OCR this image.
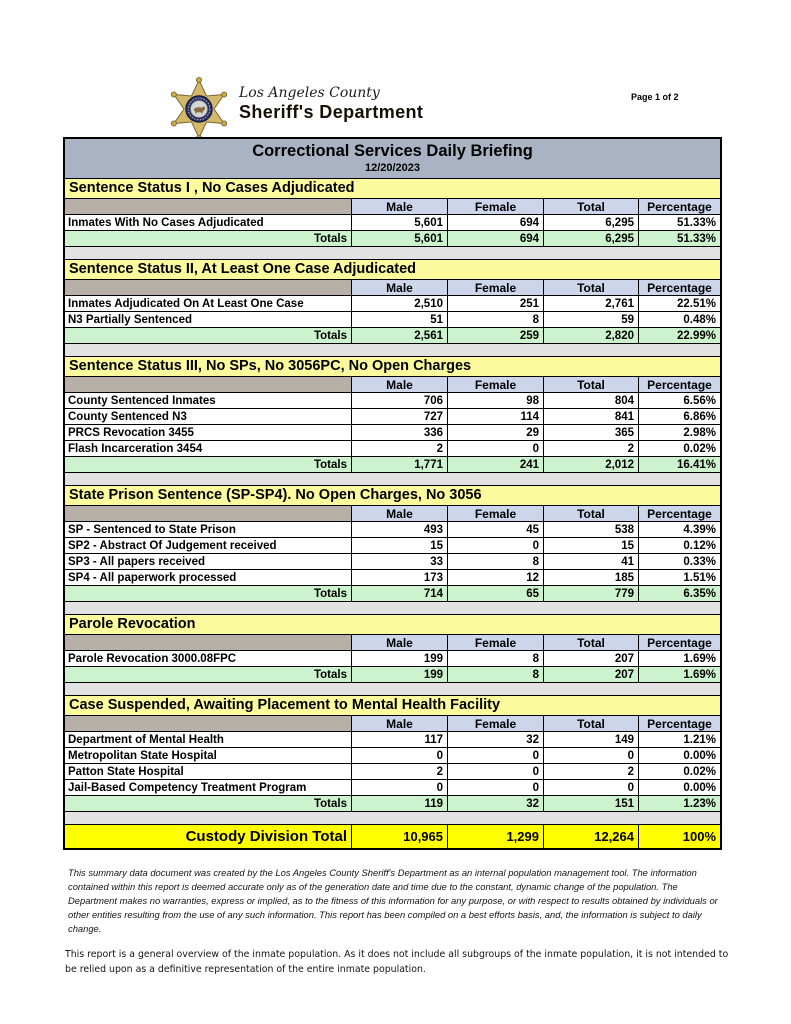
Los Angeles County
Sheriff's Department
Page 1 of 2
Correctional Services Daily Briefing
12/20/2023
Sentence Status I , No Cases Adjudicated
Male	Female	Total	Percentage
Inmates With No Cases Adjudicated	5,601	694	6,295	51.33%
Totals	5,601	694	6,295	51.33%
Sentence Status II, At Least One Case Adjudicated
Male	Female	Total	Percentage
Inmates Adjudicated On At Least One Case	2,510	251	2,761	22.51%
N3 Partially Sentenced	51	8	59	0.48%
Totals	2,561	259	2,820	22.99%
Sentence Status III, No SPs, No 3056PC, No Open Charges
Male	Female	Total	Percentage
County Sentenced Inmates	706	98	804	6.56%
County Sentenced N3	727	114	841	6.86%
PRCS Revocation 3455	336	29	365	2.98%
Flash Incarceration 3454	2	0	2	0.02%
Totals	1,771	241	2,012	16.41%
State Prison Sentence (SP-SP4). No Open Charges, No 3056
Male	Female	Total	Percentage
SP - Sentenced to State Prison	493	45	538	4.39%
SP2 - Abstract Of Judgement received	15	0	15	0.12%
SP3 - All papers received	33	8	41	0.33%
SP4 - All paperwork processed	173	12	185	1.51%
Totals	714	65	779	6.35%
Parole Revocation
Male	Female	Total	Percentage
Parole Revocation 3000.08FPC	199	8	207	1.69%
Totals	199	8	207	1.69%
Case Suspended, Awaiting Placement to Mental Health Facility
Male	Female	Total	Percentage
Department of Mental Health	117	32	149	1.21%
Metropolitan State Hospital	0	0	0	0.00%
Patton State Hospital	2	0	2	0.02%
Jail-Based Competency Treatment Program	0	0	0	0.00%
Totals	119	32	151	1.23%
Custody Division Total	10,965	1,299	12,264	100%

This summary data document was created by the Los Angeles County Sheriff's Department as an internal population management tool. The information contained within this report is deemed accurate only as of the generation date and time due to the constant, dynamic change of the population. The Department makes no warranties, express or implied, as to the fitness of this information for any purpose, or with respect to results obtained by individuals or other entities resulting from the use of any such information. This report has been compiled on a best efforts basis, and, the information is subject to daily change.

This report is a general overview of the inmate population. As it does not include all subgroups of the inmate population, it is not intended to be relied upon as a definitive representation of the entire inmate population.
